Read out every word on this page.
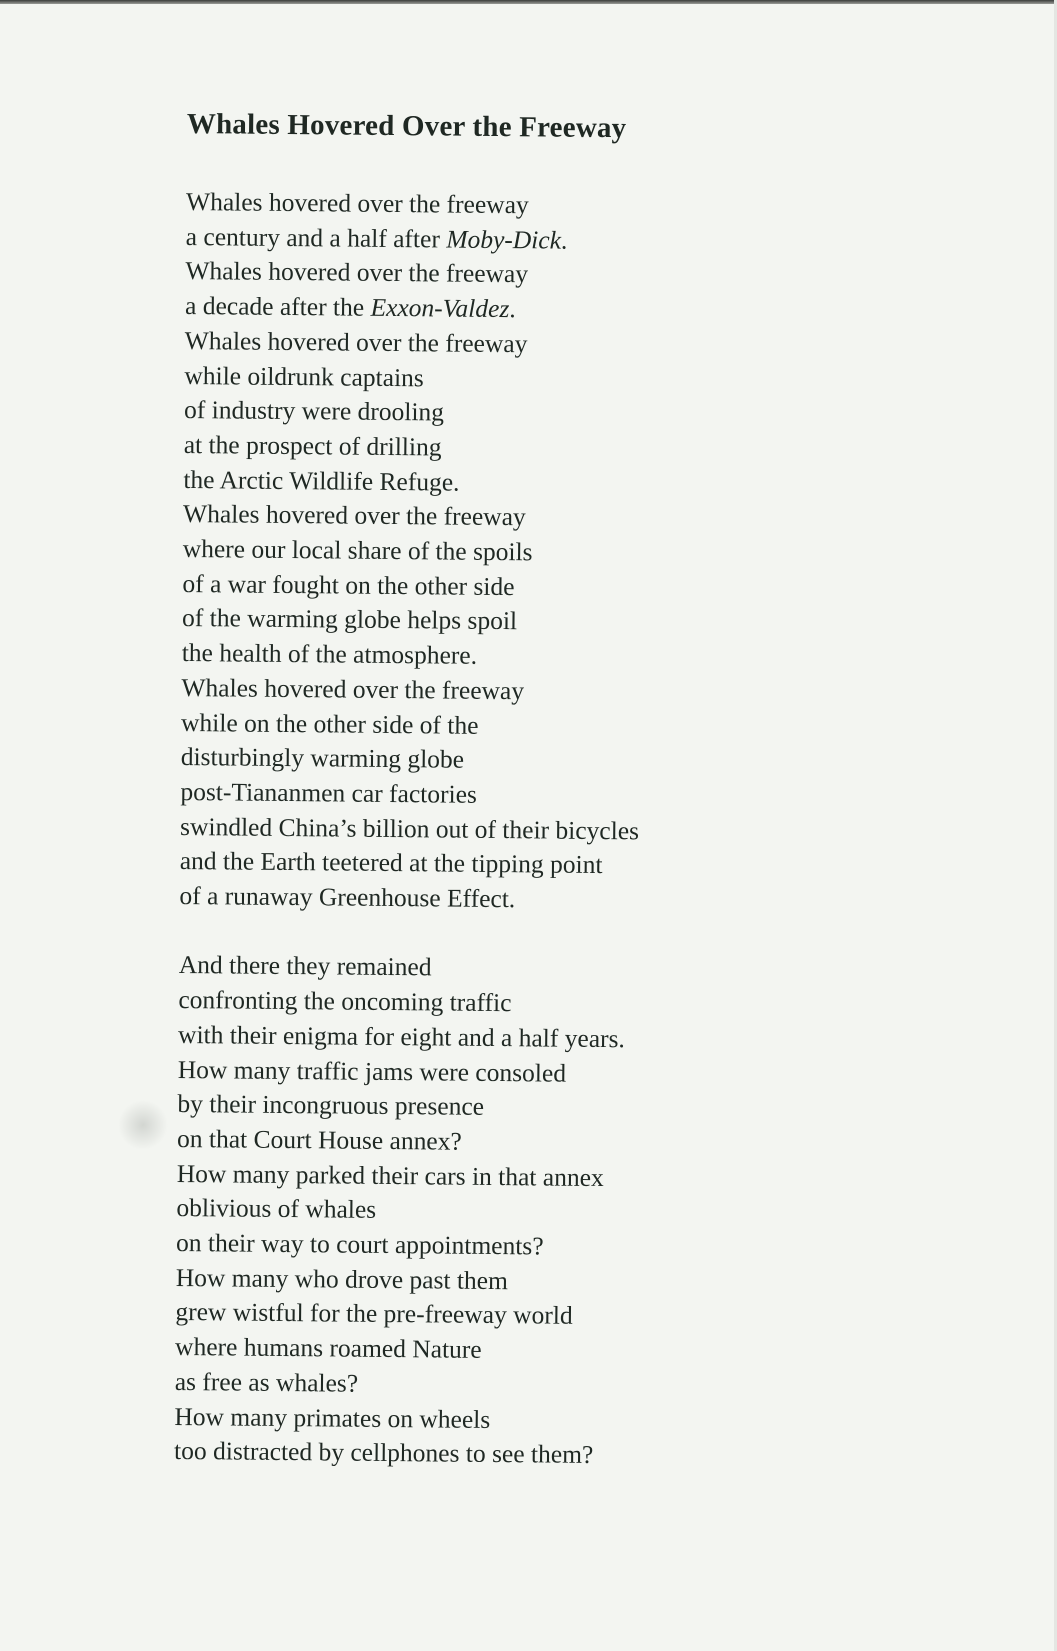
Whales Hovered Over the Freeway
Whales hovered over the freeway
a century and a half after Moby-Dick.
Whales hovered over the freeway
a decade after the Exxon-Valdez.
Whales hovered over the freeway
while oildrunk captains
of industry were drooling
at the prospect of drilling
the Arctic Wildlife Refuge.
Whales hovered over the freeway
where our local share of the spoils
of a war fought on the other side
of the warming globe helps spoil
the health of the atmosphere.
Whales hovered over the freeway
while on the other side of the
disturbingly warming globe
post-Tiananmen car factories
swindled China’s billion out of their bicycles
and the Earth teetered at the tipping point
of a runaway Greenhouse Effect.
And there they remained
confronting the oncoming traffic
with their enigma for eight and a half years.
How many traffic jams were consoled
by their incongruous presence
on that Court House annex?
How many parked their cars in that annex
oblivious of whales
on their way to court appointments?
How many who drove past them
grew wistful for the pre-freeway world
where humans roamed Nature
as free as whales?
How many primates on wheels
too distracted by cellphones to see them?
